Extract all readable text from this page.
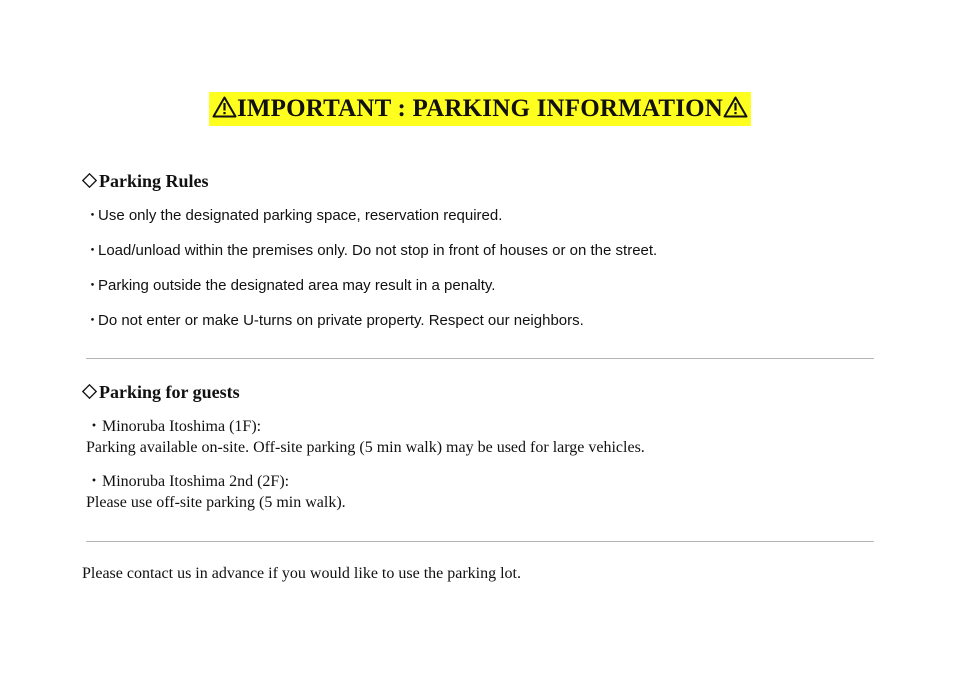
IMPORTANT : PARKING INFORMATION
Parking Rules
・Use only the designated parking space, reservation required.
・Load/unload within the premises only. Do not stop in front of houses or on the street.
・Parking outside the designated area may result in a penalty.
・Do not enter or make U-turns on private property. Respect our neighbors.
Parking for guests
・Minoruba Itoshima (1F):
Parking available on-site. Off-site parking (5 min walk) may be used for large vehicles.
・Minoruba Itoshima 2nd (2F):
Please use off-site parking (5 min walk).
Please contact us in advance if you would like to use the parking lot.
